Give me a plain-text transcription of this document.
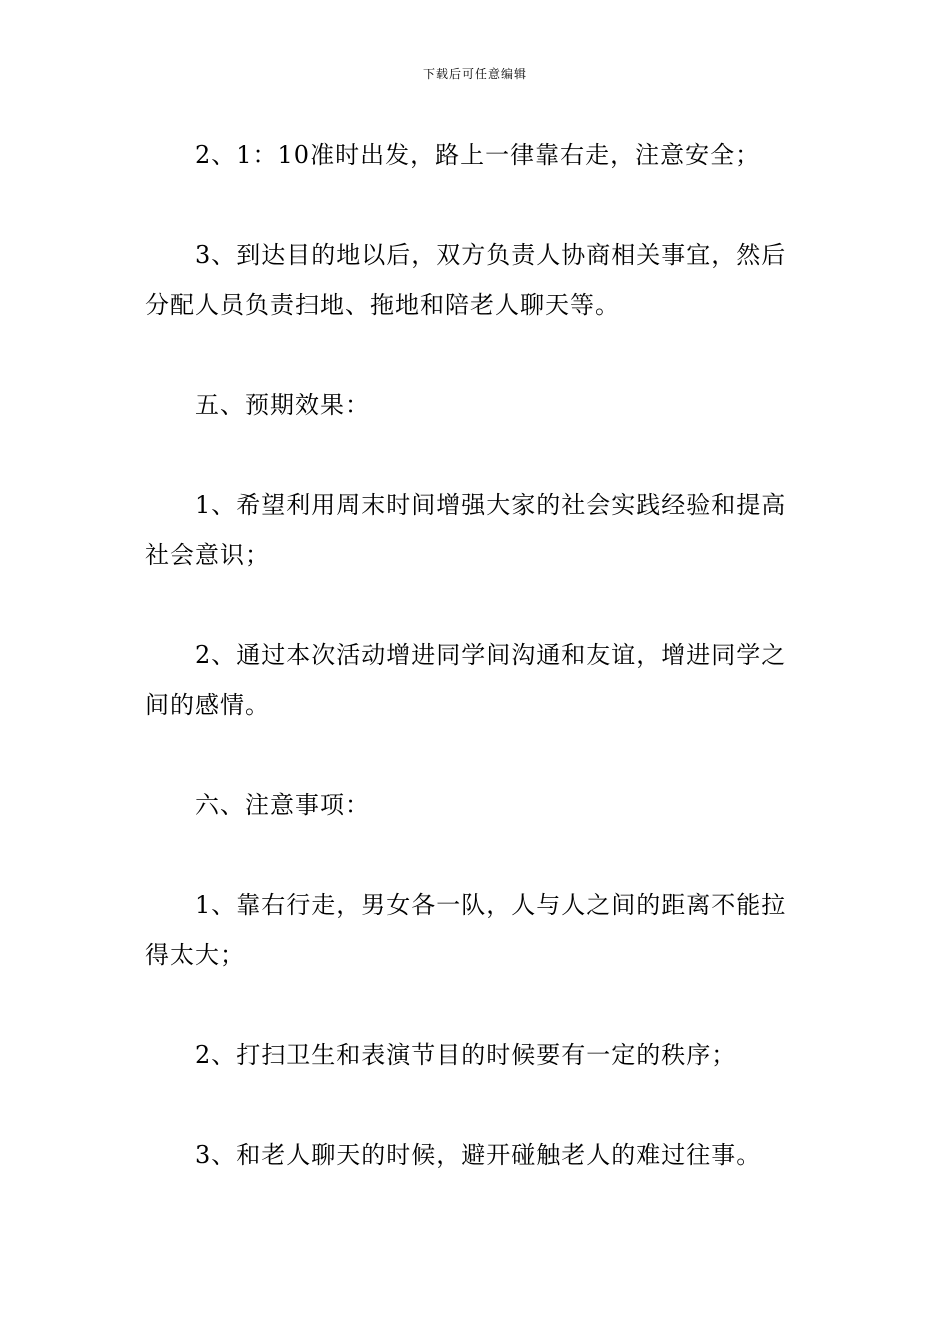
下载后可任意编辑

2、1：10准时出发，路上一律靠右走，注意安全；

3、到达目的地以后，双方负责人协商相关事宜，然后分配人员负责扫地、拖地和陪老人聊天等。

五、预期效果：

1、希望利用周末时间增强大家的社会实践经验和提高社会意识；

2、通过本次活动增进同学间沟通和友谊，增进同学之间的感情。

六、注意事项：

1、靠右行走，男女各一队，人与人之间的距离不能拉得太大；

2、打扫卫生和表演节目的时候要有一定的秩序；

3、和老人聊天的时候，避开碰触老人的难过往事。
